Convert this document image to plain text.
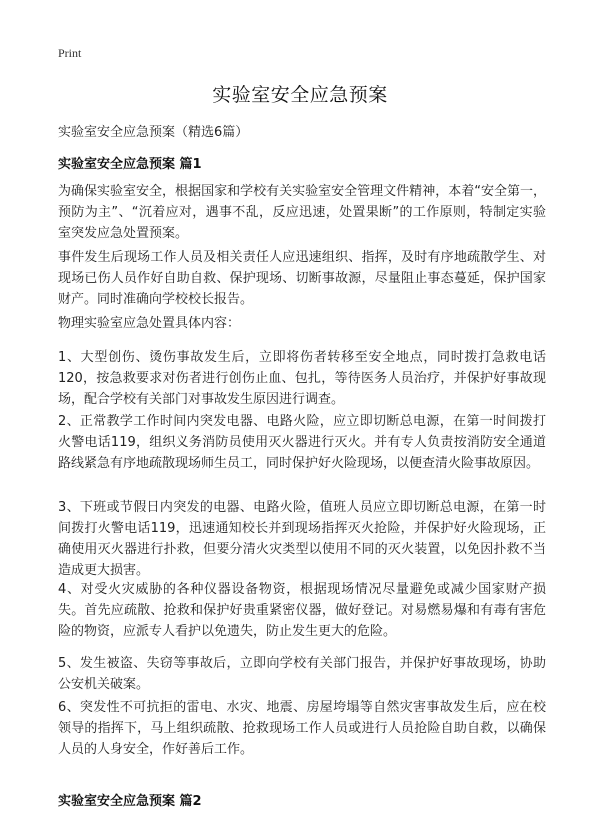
Print
实验室安全应急预案
实验室安全应急预案（精选6篇）
实验室安全应急预案 篇1

为确保实验室安全，根据国家和学校有关实验室安全管理文件精神，本着“安全第一，预防为主”、“沉着应对，遇事不乱，反应迅速，处置果断”的工作原则，特制定实验室突发应急处置预案。

事件发生后现场工作人员及相关责任人应迅速组织、指挥，及时有序地疏散学生、对现场已伤人员作好自助自救、保护现场、切断事故源，尽量阻止事态蔓延，保护国家财产。同时准确向学校校长报告。

物理实验室应急处置具体内容：

1、大型创伤、烫伤事故发生后，立即将伤者转移至安全地点，同时拨打急救电话120，按急救要求对伤者进行创伤止血、包扎，等待医务人员治疗，并保护好事故现场，配合学校有关部门对事故发生原因进行调查。

2、正常教学工作时间内突发电器、电路火险，应立即切断总电源，在第一时间拨打火警电话119，组织义务消防员使用灭火器进行灭火。并有专人负责按消防安全通道路线紧急有序地疏散现场师生员工，同时保护好火险现场，以便查清火险事故原因。

3、下班或节假日内突发的电器、电路火险，值班人员应立即切断总电源，在第一时间拨打火警电话119，迅速通知校长并到现场指挥灭火抢险，并保护好火险现场，正确使用灭火器进行扑救，但要分清火灾类型以使用不同的灭火装置，以免因扑救不当造成更大损害。

4、对受火灾威胁的各种仪器设备物资，根据现场情况尽量避免或减少国家财产损失。首先应疏散、抢救和保护好贵重紧密仪器，做好登记。对易燃易爆和有毒有害危险的物资，应派专人看护以免遗失，防止发生更大的危险。

5、发生被盗、失窃等事故后，立即向学校有关部门报告，并保护好事故现场，协助公安机关破案。

6、突发性不可抗拒的雷电、水灾、地震、房屋垮塌等自然灾害事故发生后，应在校领导的指挥下，马上组织疏散、抢救现场工作人员或进行人员抢险自助自救，以确保人员的人身安全，作好善后工作。

实验室安全应急预案 篇2
